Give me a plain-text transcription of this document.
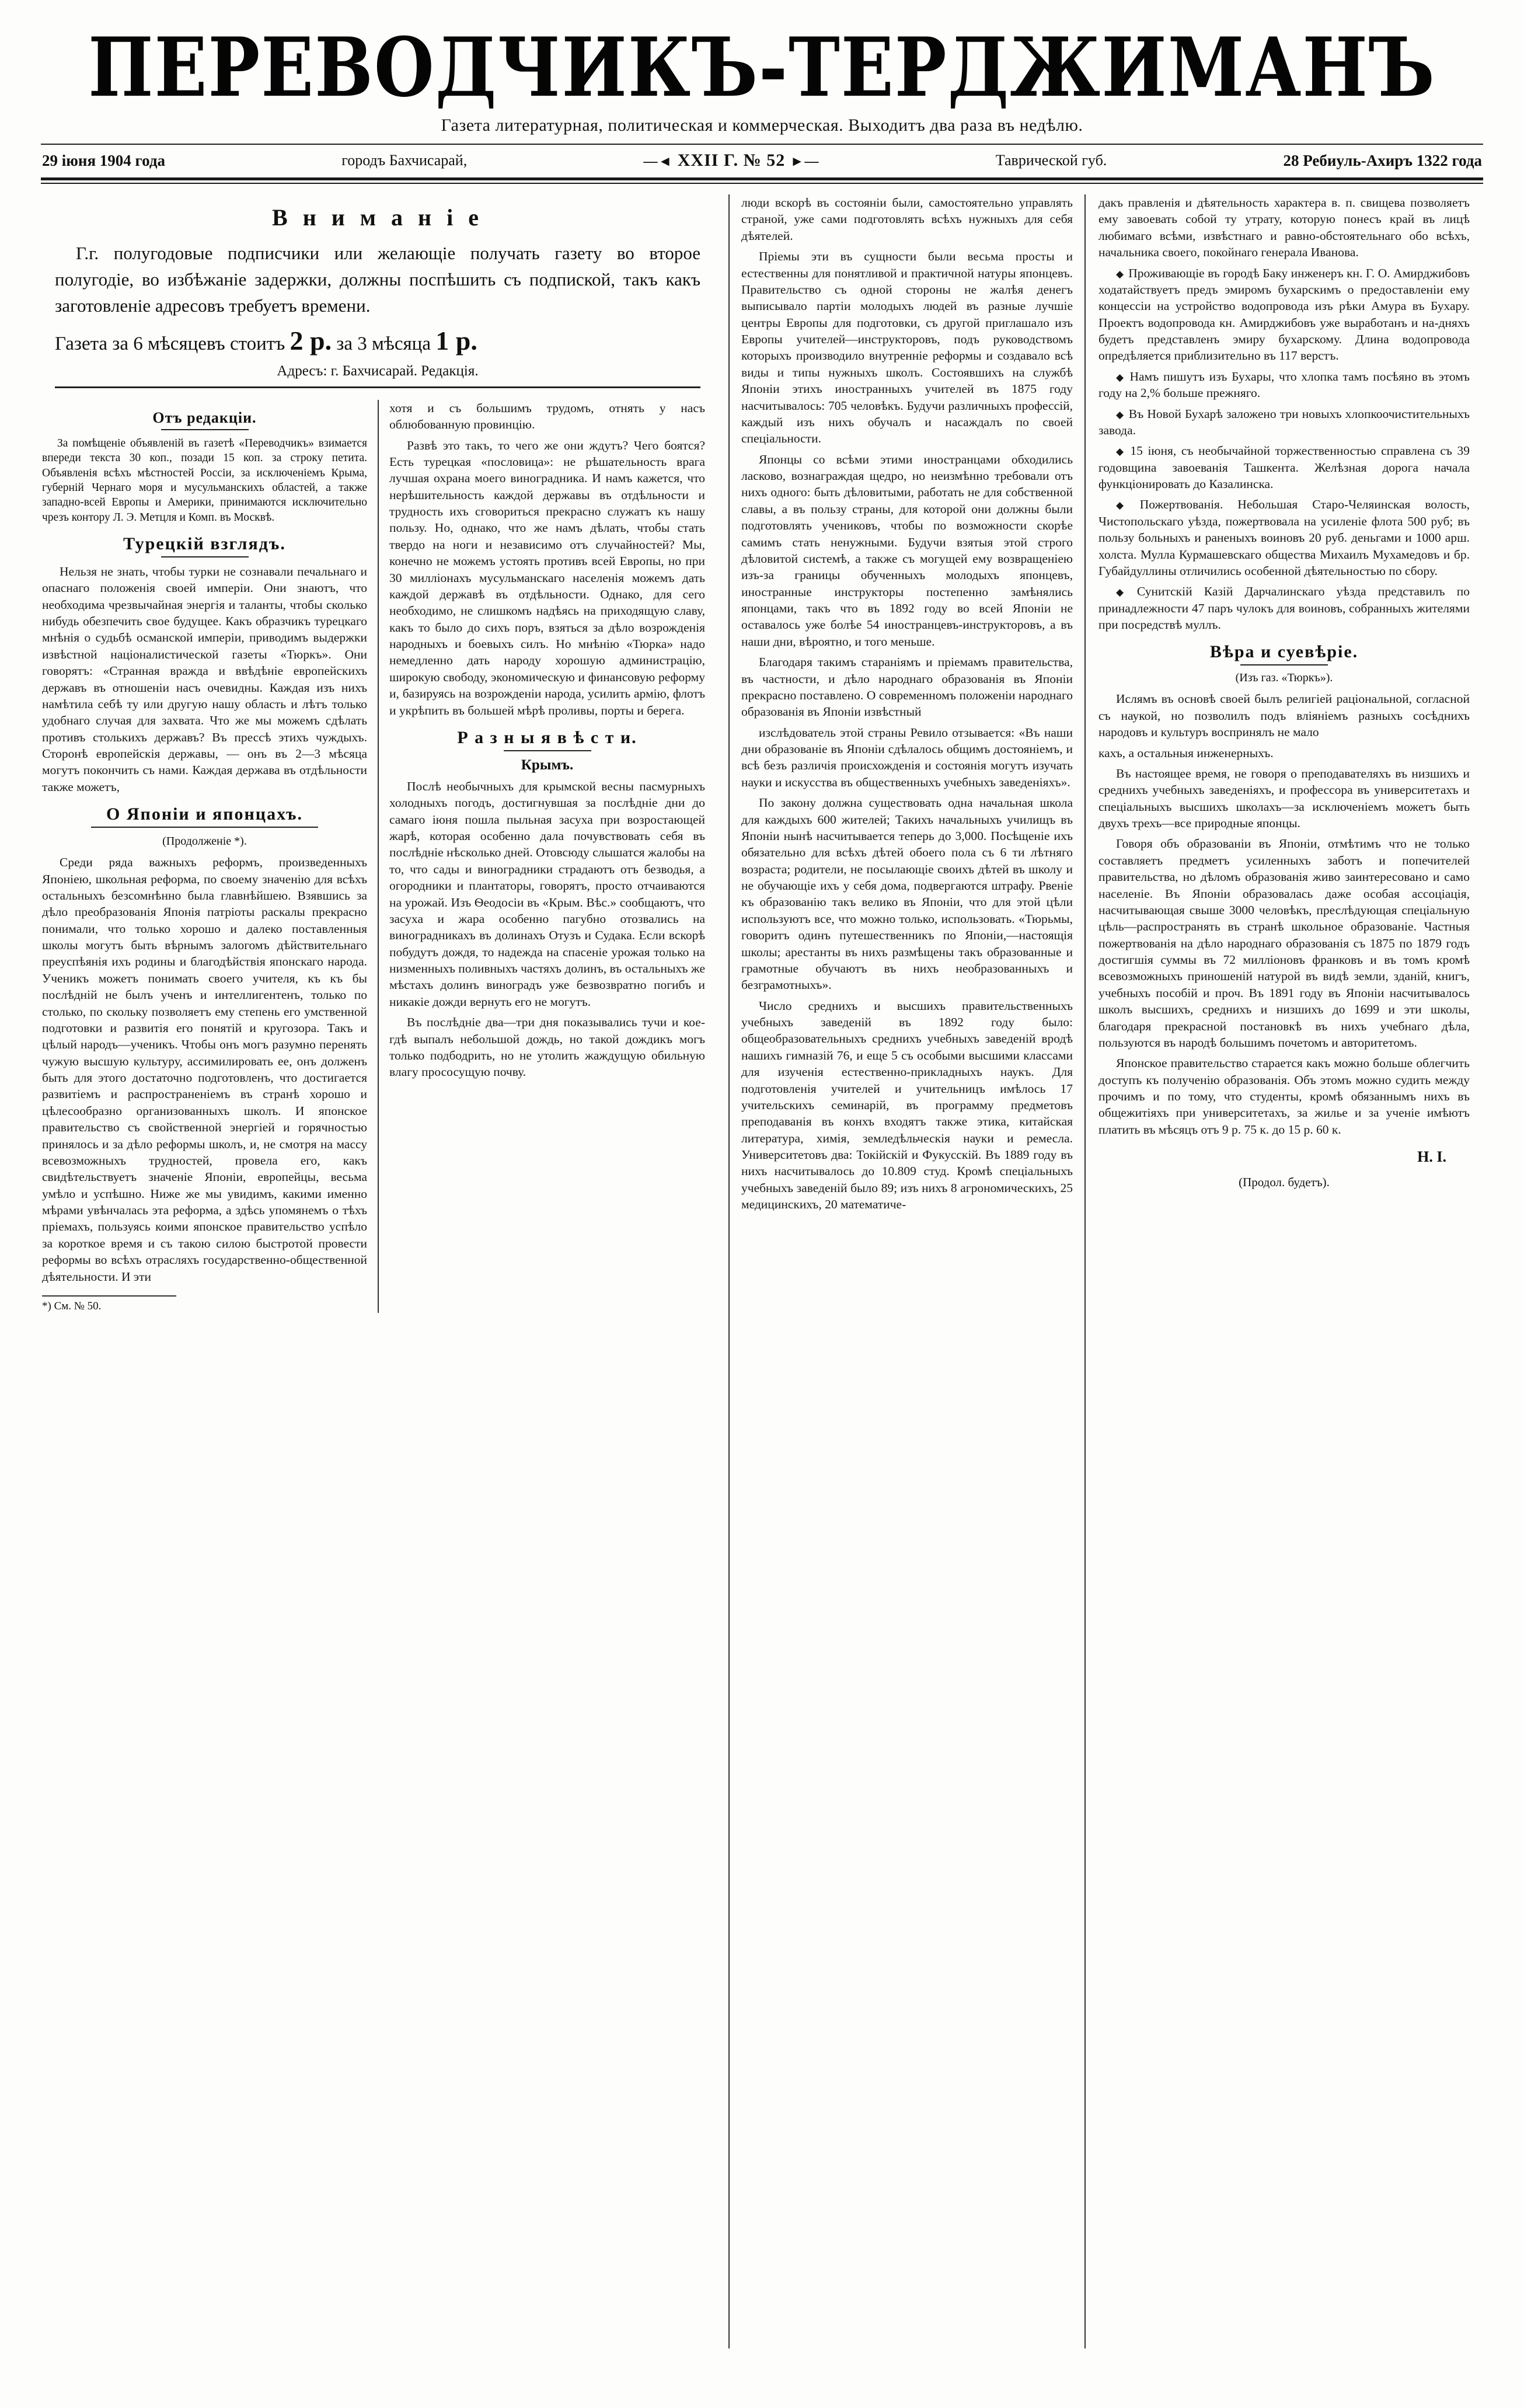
ПЕРЕВОДЧИКЪ-ТЕРДЖИМАНЪ
Газета литературная, политическая и коммерческая. Выходитъ два раза въ недѣлю.
29 іюня 1904 года	городъ Бахчисарай,	—◄ XXII Г. № 52 ►—	Таврической губ.	28 Ребиуль-Ахиръ 1322 года
В н и м а н і е

Г.г. полугодовые подписчики или желающіе получать газету во второе полугодіе, во избѣжаніе задержки, должны поспѣшить съ подпиской, такъ какъ заготовленіе адресовъ требуетъ времени.

Газета за 6 мѣсяцевъ стоитъ 2 р. за 3 мѣсяца 1 р.
Адресъ: г. Бахчисарай. Редакція.
Отъ редакціи.

За помѣщеніе объявленій въ газетѣ «Переводчикъ» взимается впереди текста 30 коп., позади 15 коп. за строку петита. Объявленія всѣхъ мѣстностей Россіи, за исключеніемъ Крыма, губерній Чернаго моря и мусульманскихъ областей, а также западно-всей Европы и Америки, принимаются исключительно чрезъ контору Л. Э. Метцля и Комп. въ Москвѣ.

Турецкій взглядъ.

Нельзя не знать, чтобы турки не сознавали печальнаго и опаснаго положенія своей имперіи. Они знаютъ, что необходима чрезвычайная энергія и таланты, чтобы сколько нибудь обезпечить свое будущее. Какъ образчикъ турецкаго мнѣнія о судьбѣ османской имперіи, приводимъ выдержки извѣстной націоналистической газеты «Тюркъ». Они говорятъ: «Странная вражда и ввѣдѣніе европейскихъ державъ въ отношеніи насъ очевидны. Каждая изъ нихъ намѣтила себѣ ту или другую нашу область и лѣтъ только удобнаго случая для захвата. Что же мы можемъ сдѣлать противъ столькихъ державъ? Въ прессѣ этихъ чуждыхъ. Сторонѣ европейскія державы, — онъ въ 2—3 мѣсяца могутъ покончить съ нами. Каждая держава въ отдѣльности также можетъ,

О Японіи и японцахъ.

(Продолженіе *).

Среди ряда важныхъ реформъ, произведенныхъ Японіею, школьная реформа, по своему значенію для всѣхъ остальныхъ безсомнѣнно была главнѣйшею. Взявшись за дѣло преобразованія Японія патріоты раскалы прекрасно понимали, что только хорошо и далеко поставленныя школы могутъ быть вѣрнымъ залогомъ дѣйствительнаго преуспѣянія ихъ родины и благодѣйствія японскаго народа. Ученикъ можетъ понимать своего учителя, къ къ бы послѣдній не былъ ученъ и интеллигентенъ, только по столько, по скольку позволяетъ ему степень его умственной подготовки и развитія его понятій и кругозора. Такъ и цѣлый народъ—ученикъ. Чтобы онъ могъ разумно перенять чужую высшую культуру, ассимилировать ее, онъ долженъ быть для этого достаточно подготовленъ, что достигается развитіемъ и распространеніемъ въ странѣ хорошо и цѣлесообразно организованныхъ школъ. И японское правительство съ свойственной энергіей и горячностью принялось и за дѣло реформы школъ, и, не смотря на массу всевозможныхъ трудностей, провела его, какъ свидѣтельствуетъ значеніе Японіи, европейцы, весьма умѣло и успѣшно. Ниже же мы увидимъ, какими именно мѣрами увѣнчалась эта реформа, а здѣсь упомянемъ о тѣхъ пріемахъ, пользуясь коими японское правительство успѣло за короткое время и съ такою силою быстротой провести реформы во всѣхъ отрасляхъ государственно-общественной дѣятельности. И эти

*) См. № 50.

хотя и съ большимъ трудомъ, отнять у насъ облюбованную провинцію.

Развѣ это такъ, то чего же они ждутъ? Чего боятся? Есть турецкая «пословица»: не рѣшательность врага лучшая охрана моего виноградника. И намъ кажется, что нерѣшительность каждой державы въ отдѣльности и трудность ихъ сговориться прекрасно служатъ къ нашу пользу. Но, однако, что же намъ дѣлать, чтобы стать твердо на ноги и независимо отъ случайностей? Мы, конечно не можемъ устоять противъ всей Европы, но при 30 милліонахъ мусульманскаго населенія можемъ дать каждой державѣ въ отдѣльности. Однако, для сего необходимо, не слишкомъ надѣясь на приходящую славу, какъ то было до сихъ поръ, взяться за дѣло возрожденія народныхъ и боевыхъ силъ. Но мнѣнію «Тюрка» надо немедленно дать народу хорошую администрацію, широкую свободу, экономическую и финансовую реформу и, базируясь на возрожденіи народа, усилить армію, флотъ и укрѣпить въ большей мѣрѣ проливы, порты и берега.

Р а з н ы я в ѣ с т и.
Крымъ.

Послѣ необычныхъ для крымской весны пасмурныхъ холодныхъ погодъ, достигнувшая за послѣдніе дни до самаго іюня пошла пыльная засуха при возростающей жарѣ, которая особенно дала почувствовать себя въ послѣдніе нѣсколько дней. Отовсюду слышатся жалобы на то, что сады и виноградники страдаютъ отъ безводья, а огородники и плантаторы, говорятъ, просто отчаиваются на урожай. Изъ Ѳеодосіи въ «Крым. Вѣс.» сообщаютъ, что засуха и жара особенно пагубно отозвались на виноградникахъ въ долинахъ Отузъ и Судака. Если вскорѣ побудутъ дождя, то надежда на спасеніе урожая только на низменныхъ поливныхъ частяхъ долинъ, въ остальныхъ же мѣстахъ долинъ виноградъ уже безвозвратно погибъ и никакіе дожди вернуть его не могутъ.

Въ послѣдніе два—три дня показывались тучи и кое-гдѣ выпалъ небольшой дождь, но такой дождикъ могъ только подбодрить, но не утолить жаждущую обильную влагу прососущую почву.

люди вскорѣ въ состояніи были, самостоятельно управлять страной, уже сами подготовлять всѣхъ нужныхъ для себя дѣятелей.

Пріемы эти въ сущности были весьма просты и естественны для понятливой и практичной натуры японцевъ. Правительство съ одной стороны не жалѣя денегъ выписывало партіи молодыхъ людей въ разные лучшіе центры Европы для подготовки, съ другой приглашало изъ Европы учителей—инструкторовъ, подъ руководствомъ которыхъ производило внутренніе реформы и создавало всѣ виды и типы нужныхъ школъ. Состоявшихъ на службѣ Японіи этихъ иностранныхъ учителей въ 1875 году насчитывалось: 705 человѣкъ. Будучи различныхъ профессій, каждый изъ нихъ обучалъ и насаждалъ по своей спеціальности.

Японцы со всѣми этими иностранцами обходились ласково, вознаграждая щедро, но неизмѣнно требовали отъ нихъ одного: быть дѣловитыми, работать не для собственной славы, а въ пользу страны, для которой они должны были подготовлять учениковъ, чтобы по возможности скорѣе самимъ стать ненужными. Будучи взятыя этой строго дѣловитой системѣ, а также съ могущей ему возвращеніею изъ-за границы обученныхъ молодыхъ японцевъ, иностранные инструкторы постепенно замѣнялись японцами, такъ что въ 1892 году во всей Японіи не оставалось уже болѣе 54 иностранцевъ-инструкторовъ, а въ наши дни, вѣроятно, и того меньше.

Благодаря такимъ стараніямъ и пріемамъ правительства, въ частности, и дѣло народнаго образованія въ Японіи прекрасно поставлено. О современномъ положеніи народнаго образованія въ Японіи извѣстный

изслѣдователь этой страны Ревило отзывается: «Въ наши дни образованіе въ Японіи сдѣлалось общимъ достояніемъ, и всѣ безъ различія происхожденія и состоянія могутъ изучать науки и искусства въ общественныхъ учебныхъ заведеніяхъ».

По закону должна существовать одна начальная школа для каждыхъ 600 жителей; Такихъ начальныхъ училищъ въ Японіи нынѣ насчитывается теперь до 3,000. Посѣщеніе ихъ обязательно для всѣхъ дѣтей обоего пола съ 6 ти лѣтняго возраста; родители, не посылающіе своихъ дѣтей въ школу и не обучающіе ихъ у себя дома, подвергаются штрафу. Рвеніе къ образованію такъ велико въ Японіи, что для этой цѣли используютъ все, что можно только, использовать. «Тюрьмы, говоритъ одинъ путешественникъ по Японіи,—настоящія школы; арестанты въ нихъ размѣщены такъ образованные и грамотные обучаютъ въ нихъ необразованныхъ и безграмотныхъ».

Число среднихъ и высшихъ правительственныхъ учебныхъ заведеній въ 1892 году было: общеобразовательныхъ среднихъ учебныхъ заведеній вродѣ нашихъ гимназій 76, и еще 5 съ особыми высшими классами для изученія естественно-прикладныхъ наукъ. Для подготовленія учителей и учительницъ имѣлось 17 учительскихъ семинарій, въ программу предметовъ преподаванія въ конхъ входятъ также этика, китайская литература, химія, земледѣльческія науки и ремесла. Университетовъ два: Токійскій и Фукусскій. Въ 1889 году въ нихъ насчитывалось до 10.809 студ. Кромѣ спеціальныхъ учебныхъ заведеній было 89; изъ нихъ 8 агрономическихъ, 25 медицинскихъ, 20 математиче-

дакъ правленія и дѣятельность характера в. п. свищева позволяетъ ему завоевать собой ту утрату, которую понесъ край въ лицѣ любимаго всѣми, извѣстнаго и равно-обстоятельнаго обо всѣхъ, начальника своего, покойнаго генерала Иванова.

◆ Проживающіе въ городѣ Баку инженеръ кн. Г. О. Амирджибовъ ходатайствуетъ предъ эмиромъ бухарскимъ о предоставленіи ему концессіи на устройство водопровода изъ рѣки Амура въ Бухару. Проектъ водопровода кн. Амирджибовъ уже выработанъ и на-дняхъ будетъ представленъ эмиру бухарскому. Длина водопровода опредѣляется приблизительно въ 117 верстъ.

◆ Намъ пишутъ изъ Бухары, что хлопка тамъ посѣяно въ этомъ году на 2,% больше прежняго.

◆ Въ Новой Бухарѣ заложено три новыхъ хлопкоочистительныхъ завода.

◆ 15 іюня, съ необычайной торжественностью справлена съ 39 годовщина завоеванія Ташкента. Желѣзная дорога начала функціонировать до Казалинска.

◆ Пожертвованія. Небольшая Старо-Челяинская волость, Чистопольскаго уѣзда, пожертвовала на усиленіе флота 500 руб; въ пользу больныхъ и раненыхъ воиновъ 20 руб. деньгами и 1000 арш. холста. Мулла Курмашевскаго общества Михаилъ Мухамедовъ и бр. Губайдуллины отличились особенной дѣятельностью по сбору.

◆ Сунитскій Казій Дарчалинскаго уѣзда представилъ по принадлежности 47 паръ чулокъ для воиновъ, собранныхъ жителями при посредствѣ муллъ.

Вѣра и суевѣріе.

(Изъ газ. «Тюркъ»).

Ислямъ въ основѣ своей былъ религіей раціональной, согласной съ наукой, но позволилъ подъ вліяніемъ разныхъ сосѣднихъ народовъ и культуръ воспринялъ не мало

кахъ, а остальныя инженерныхъ.

Въ настоящее время, не говоря о преподавателяхъ въ низшихъ и среднихъ учебныхъ заведеніяхъ, и профессора въ университетахъ и спеціальныхъ высшихъ школахъ—за исключеніемъ можетъ быть двухъ трехъ—все природные японцы.

Говоря объ образованіи въ Японіи, отмѣтимъ что не только составляетъ предметъ усиленныхъ заботъ и попечителей правительства, но дѣломъ образованія живо заинтересовано и само населеніе. Въ Японіи образовалась даже особая ассоціація, насчитывающая свыше 3000 человѣкъ, преслѣдующая спеціальную цѣль—распространять въ странѣ школьное образованіе. Частныя пожертвованія на дѣло народнаго образованія съ 1875 по 1879 годъ достигшія суммы въ 72 милліоновъ франковъ и въ томъ кромѣ всевозможныхъ приношеній натурой въ видѣ земли, зданій, книгъ, учебныхъ пособій и проч. Въ 1891 году въ Японіи насчитывалось школъ высшихъ, среднихъ и низшихъ до 1699 и эти школы, благодаря прекрасной постановкѣ въ нихъ учебнаго дѣла, пользуются въ народѣ большимъ почетомъ и авторитетомъ.

Японское правительство старается какъ можно больше облегчить доступъ къ полученію образованія. Объ этомъ можно судить между прочимъ и по тому, что студенты, кромѣ обязаннымъ нихъ въ общежитіяхъ при университетахъ, за жилье и за ученіе имѣютъ платить въ мѣсяцъ отъ 9 р. 75 к. до 15 р. 60 к.

Н. І.
(Продол. будетъ).
